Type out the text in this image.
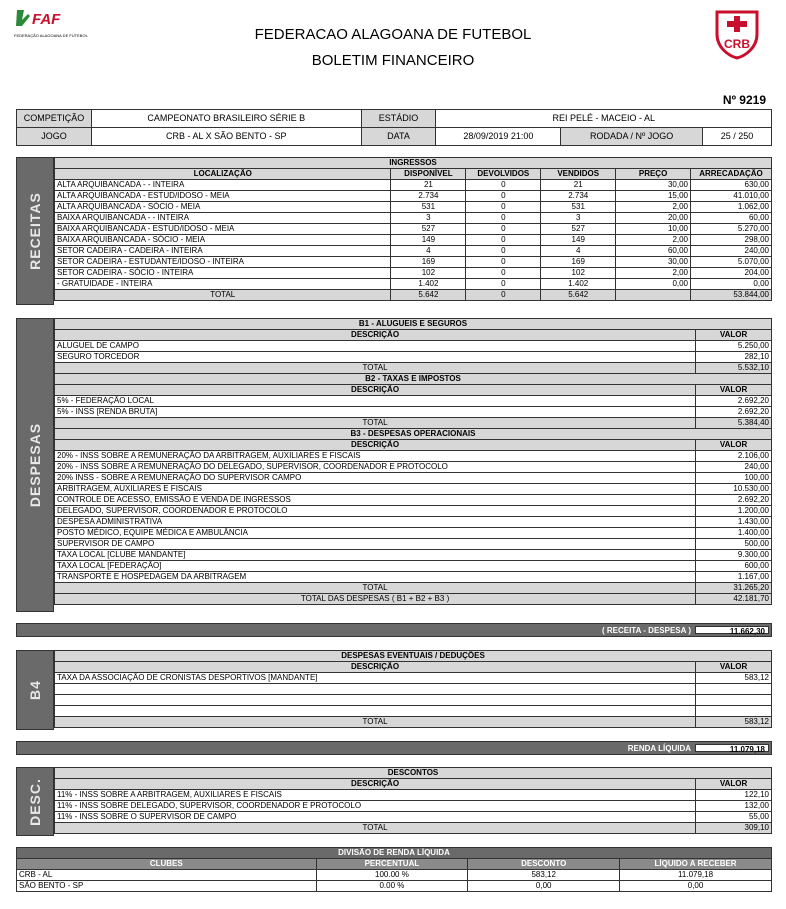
FAF
FEDERAÇÃO ALAGOANA DE FUTEBOL	FEDERACAO ALAGOANA DE FUTEBOL
BOLETIM FINANCEIRO
CRB
Nº 9219
COMPETIÇÃO	CAMPEONATO BRASILEIRO SÉRIE B	ESTÁDIO	REI PELÉ - MACEIO - AL		
JOGO	CRB - AL X SÃO BENTO - SP	DATA	28/09/2019 21:00	RODADA / Nº JOGO	25 / 250
RECEITAS
INGRESSOS					
LOCALIZAÇÃO	DISPONÍVEL	DEVOLVIDOS	VENDIDOS	PREÇO	ARRECADAÇÃO
ALTA ARQUIBANCADA - - INTEIRA	21	0	21	30,00	630,00
ALTA ARQUIBANCADA - ESTUD/IDOSO - MEIA	2.734	0	2.734	15,00	41.010,00
ALTA ARQUIBANCADA - SÓCIO - MEIA	531	0	531	2,00	1.062,00
BAIXA ARQUIBANCADA - - INTEIRA	3	0	3	20,00	60,00
BAIXA ARQUIBANCADA - ESTUD/IDOSO - MEIA	527	0	527	10,00	5.270,00
BAIXA ARQUIBANCADA - SÓCIO - MEIA	149	0	149	2,00	298,00
SETOR CADEIRA - CADEIRA - INTEIRA	4	0	4	60,00	240,00
SETOR CADEIRA - ESTUDANTE/IDOSO - INTEIRA	169	0	169	30,00	5.070,00
SETOR CADEIRA - SÓCIO - INTEIRA	102	0	102	2,00	204,00
- GRATUIDADE - INTEIRA	1.402	0	1.402	0,00	0,00
TOTAL	5.642	0	5.642		53.844,00
DESPESAS
B1 - ALUGUEIS E SEGUROS	
DESCRIÇÃO	VALOR
ALUGUEL DE CAMPO	5.250,00
SEGURO TORCEDOR	282,10
TOTAL	5.532,10
B2 - TAXAS E IMPOSTOS	
DESCRIÇÃO	VALOR
5% - FEDERAÇÃO LOCAL	2.692,20
5% - INSS [RENDA BRUTA]	2.692,20
TOTAL	5.384,40
B3 - DESPESAS OPERACIONAIS	
DESCRIÇÃO	VALOR
20% - INSS SOBRE A REMUNERAÇÃO DA ARBITRAGEM, AUXILIARES E FISCAIS	2.106,00
20% - INSS SOBRE A REMUNERAÇÃO DO DELEGADO, SUPERVISOR, COORDENADOR E PROTOCOLO	240,00
20% INSS - SOBRE A REMUNERAÇÃO DO SUPERVISOR CAMPO	100,00
ARBITRAGEM, AUXILIARES E FISCAIS	10.530,00
CONTROLE DE ACESSO, EMISSÃO E VENDA DE INGRESSOS	2.692,20
DELEGADO, SUPERVISOR, COORDENADOR E PROTOCOLO	1.200,00
DESPESA ADMINISTRATIVA	1.430,00
POSTO MÉDICO, EQUIPE MÉDICA E AMBULÂNCIA	1.400,00
SUPERVISOR DE CAMPO	500,00
TAXA LOCAL [CLUBE MANDANTE]	9.300,00
TAXA LOCAL [FEDERAÇÃO]	600,00
TRANSPORTE E HOSPEDAGEM DA ARBITRAGEM	1.167,00
TOTAL	31.265,20
TOTAL DAS DESPESAS ( B1 + B2 + B3 )	42.181,70
( RECEITA - DESPESA )	11.662,30
B4
DESPESAS EVENTUAIS / DEDUÇÕES	
DESCRIÇÃO	VALOR
TAXA DA ASSOCIAÇÃO DE CRONISTAS DESPORTIVOS [MANDANTE]	583,12

TOTAL	583,12
RENDA LÍQUIDA	11.079,18
DESC.
DESCONTOS	
DESCRIÇÃO	VALOR
11% - INSS SOBRE A ARBITRAGEM, AUXILIARES E FISCAIS	122,10
11% - INSS SOBRE DELEGADO, SUPERVISOR, COORDENADOR E PROTOCOLO	132,00
11% - INSS SOBRE O SUPERVISOR DE CAMPO	55,00
TOTAL	309,10
DIVISÃO DE RENDA LÍQUIDA			
CLUBES	PERCENTUAL	DESCONTO	LÍQUIDO A RECEBER
CRB - AL	100.00 %	583,12	11.079,18
SÃO BENTO - SP	0.00 %	0,00	0,00
